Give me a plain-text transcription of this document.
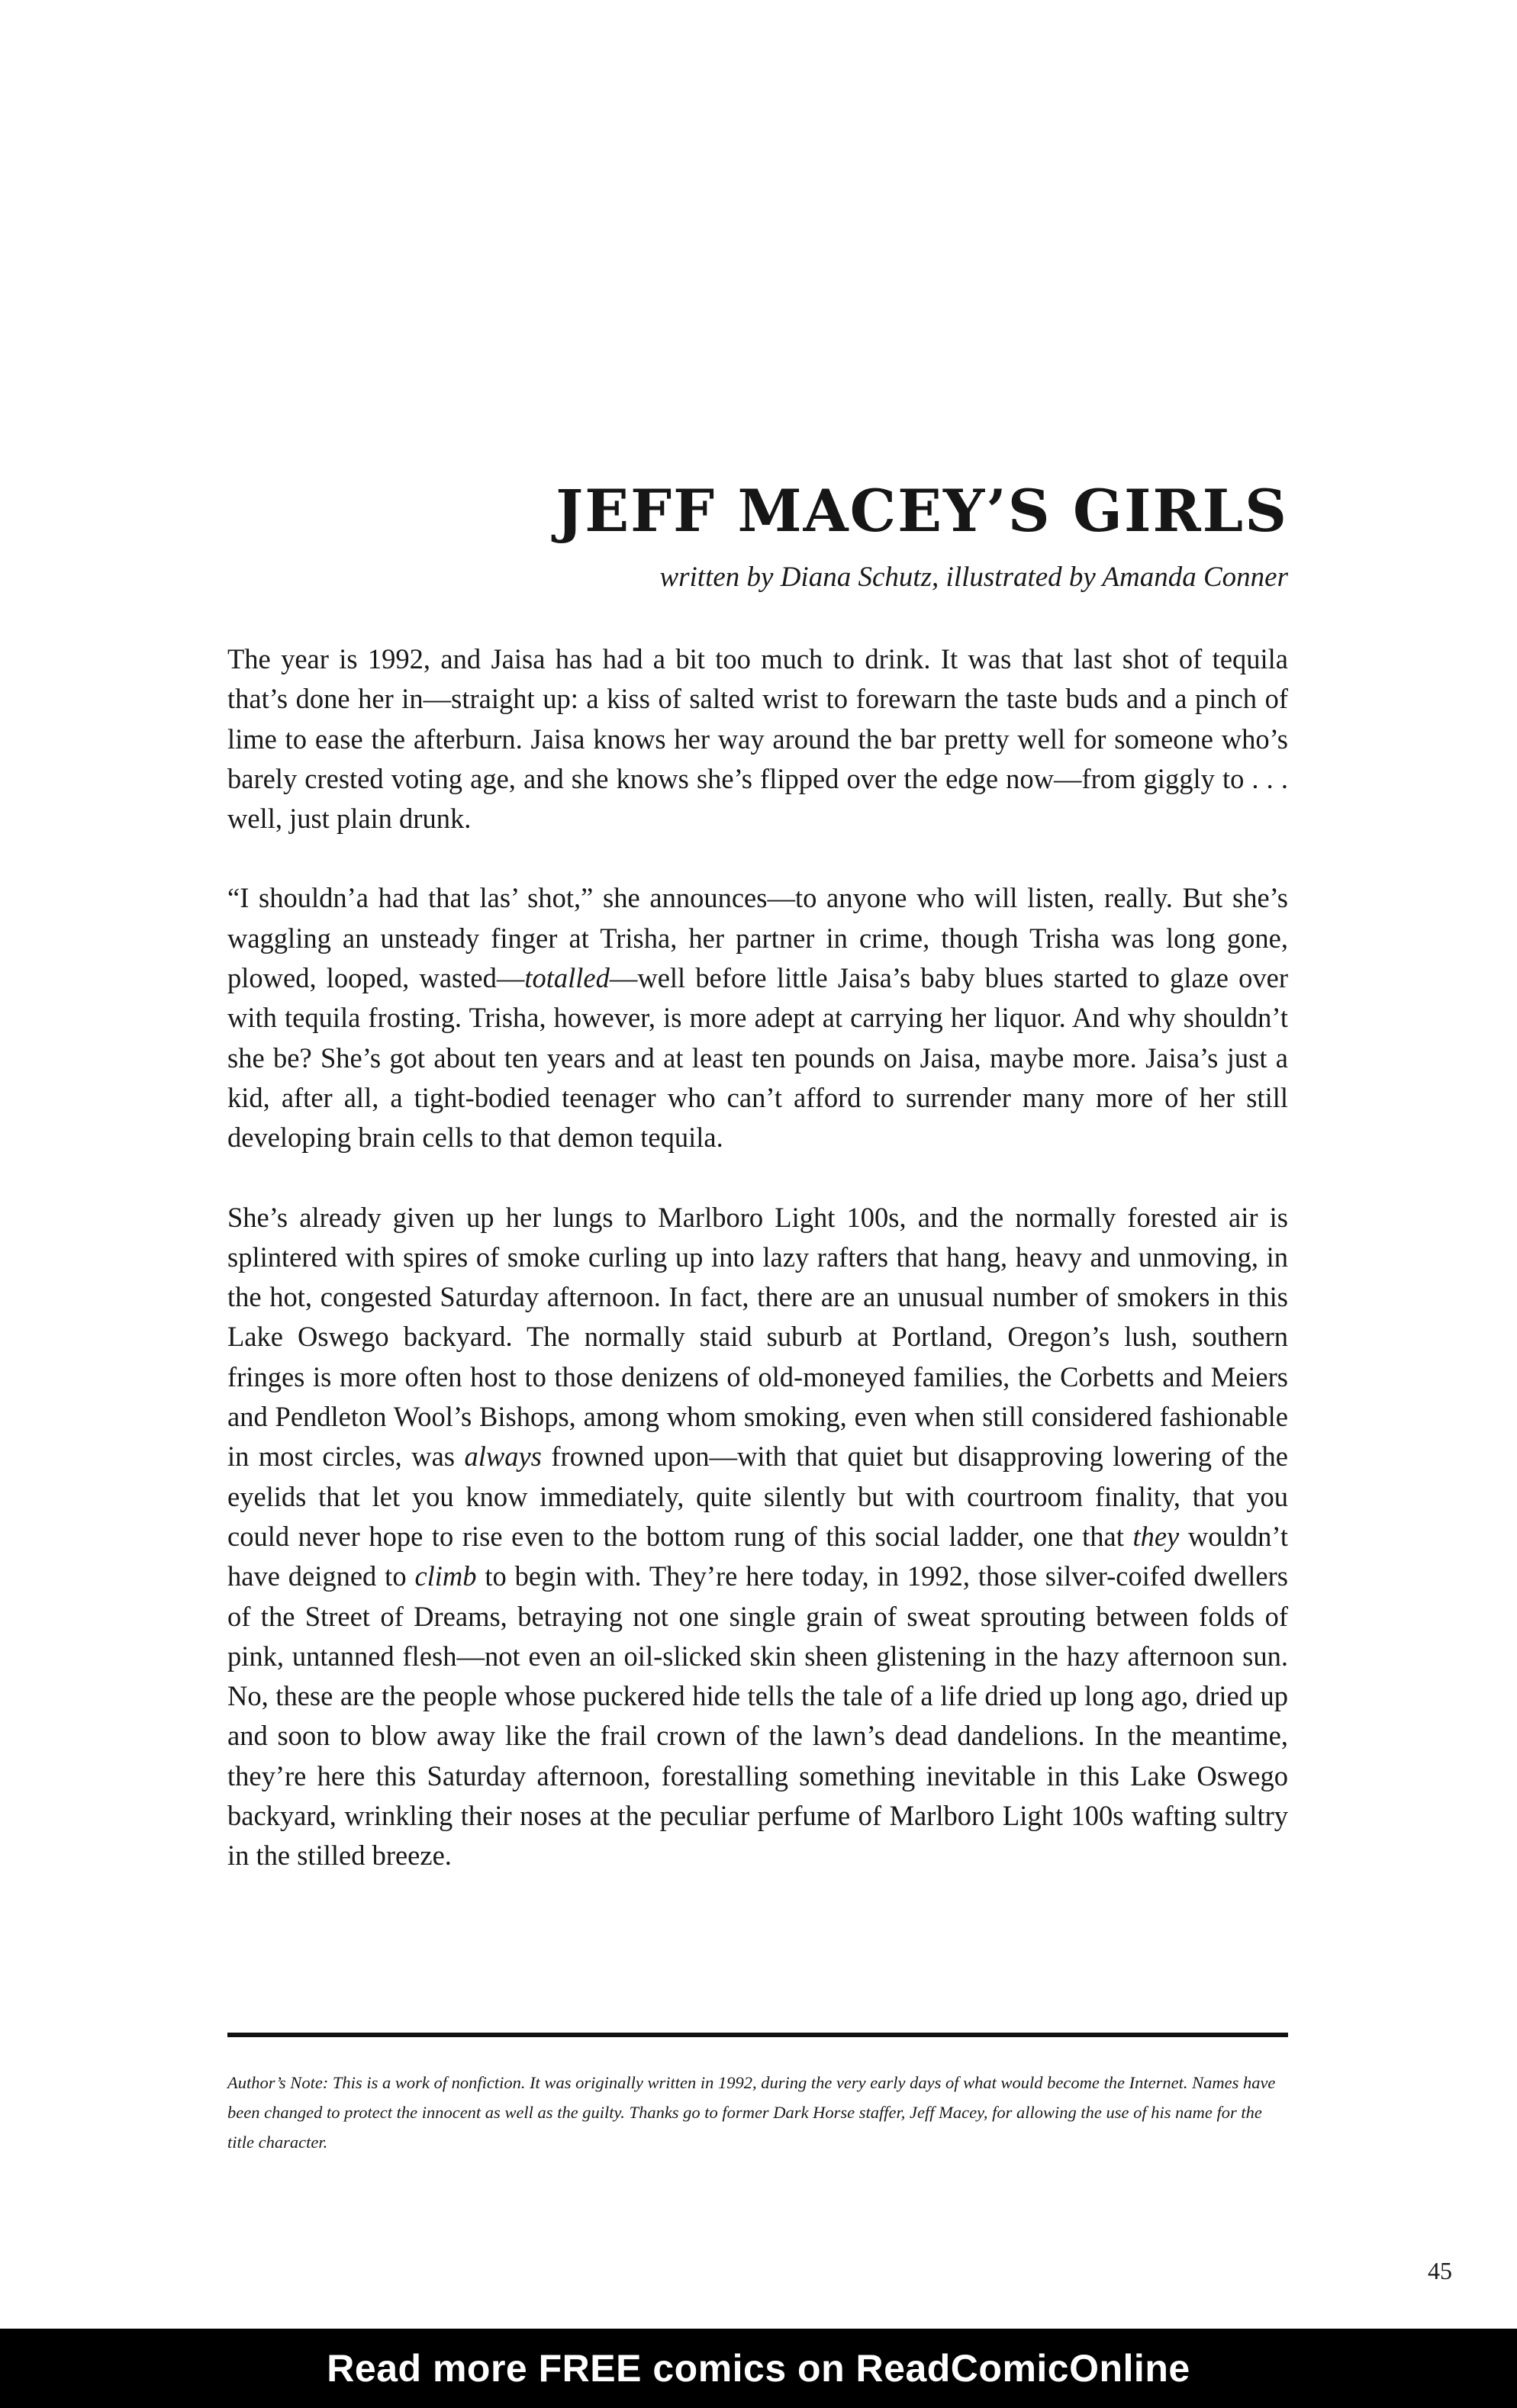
JEFF MACEY’S GIRLS

written by Diana Schutz, illustrated by Amanda Conner

The year is 1992, and Jaisa has had a bit too much to drink. It was that last shot of tequila that’s done her in—straight up: a kiss of salted wrist to forewarn the taste buds and a pinch of lime to ease the afterburn. Jaisa knows her way around the bar pretty well for someone who’s barely crested voting age, and she knows she’s flipped over the edge now—from giggly to . . . well, just plain drunk.

“I shouldn’a had that las’ shot,” she announces—to anyone who will listen, really. But she’s waggling an unsteady finger at Trisha, her partner in crime, though Trisha was long gone, plowed, looped, wasted—totalled—well before little Jaisa’s baby blues started to glaze over with tequila frosting. Trisha, however, is more adept at carrying her liquor. And why shouldn’t she be? She’s got about ten years and at least ten pounds on Jaisa, maybe more. Jaisa’s just a kid, after all, a tight-bodied teenager who can’t afford to surrender many more of her still developing brain cells to that demon tequila.

She’s already given up her lungs to Marlboro Light 100s, and the normally forested air is splintered with spires of smoke curling up into lazy rafters that hang, heavy and unmoving, in the hot, congested Saturday afternoon. In fact, there are an unusual number of smokers in this Lake Oswego backyard. The normally staid suburb at Portland, Oregon’s lush, southern fringes is more often host to those denizens of old-moneyed families, the Corbetts and Meiers and Pendleton Wool’s Bishops, among whom smoking, even when still considered fashionable in most circles, was always frowned upon—with that quiet but disapproving lowering of the eyelids that let you know immediately, quite silently but with courtroom finality, that you could never hope to rise even to the bottom rung of this social ladder, one that they wouldn’t have deigned to climb to begin with. They’re here today, in 1992, those silver-coifed dwellers of the Street of Dreams, betraying not one single grain of sweat sprouting between folds of pink, untanned flesh—not even an oil-slicked skin sheen glistening in the hazy afternoon sun. No, these are the people whose puckered hide tells the tale of a life dried up long ago, dried up and soon to blow away like the frail crown of the lawn’s dead dandelions. In the meantime, they’re here this Saturday afternoon, forestalling something inevitable in this Lake Oswego backyard, wrinkling their noses at the peculiar perfume of Marlboro Light 100s wafting sultry in the stilled breeze.

Author’s Note: This is a work of nonfiction. It was originally written in 1992, during the very early days of what would become the Internet. Names have been changed to protect the innocent as well as the guilty. Thanks go to former Dark Horse staffer, Jeff Macey, for allowing the use of his name for the title character.

45

Read more FREE comics on ReadComicOnline
